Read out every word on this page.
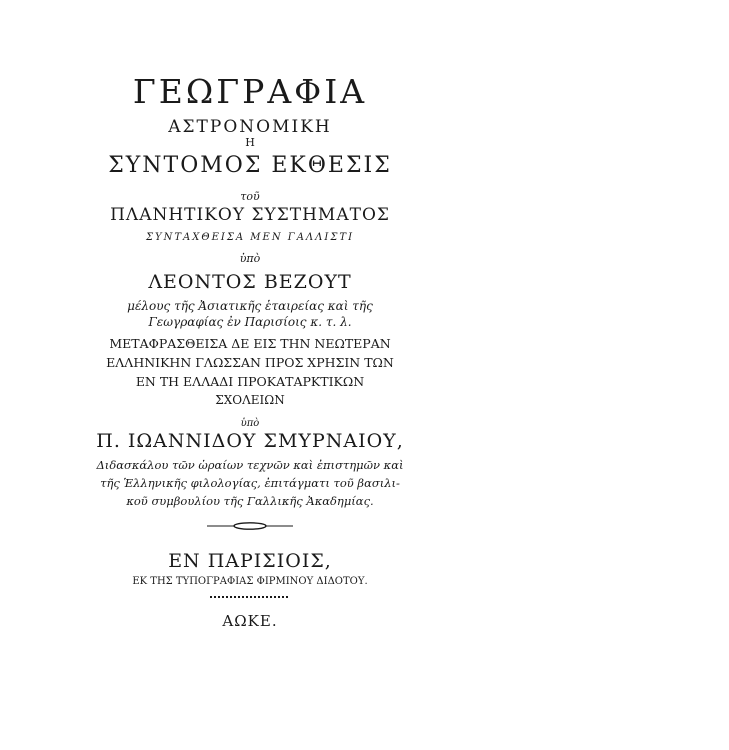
ΓΕΩΓΡΑΦΙΑ
ΑΣΤΡΟΝΟΜΙΚΗ
Η
ΣΥΝΤΟΜΟΣ ΕΚΘΕΣΙΣ
τοῦ
ΠΛΑΝΗΤΙΚΟΥ ΣΥΣΤΗΜΑΤΟΣ
ΣΥΝΤΑΧΘΕΙΣΑ ΜΕΝ ΓΑΛΛΙΣΤΙ
ὑπὸ
ΛΕΟΝΤΟΣ ΒΕΖΟΥΤ
μέλους τῆς Ἀσιατικῆς ἑταιρείας καὶ τῆς
Γεωγραφίας ἐν Παρισίοις κ. τ. λ.
ΜΕΤΑΦΡΑΣΘΕΙΣΑ ΔΕ ΕΙΣ ΤΗΝ ΝΕΩΤΕΡΑΝ
ΕΛΛΗΝΙΚΗΝ ΓΛΩΣΣΑΝ ΠΡΟΣ ΧΡΗΣΙΝ ΤΩΝ
ΕΝ ΤΗ ΕΛΛΑΔΙ ΠΡΟΚΑΤΑΡΚΤΙΚΩΝ
ΣΧΟΛΕΙΩΝ
ὑπὸ
Π. ΙΩΑΝΝΙΔΟΥ ΣΜΥΡΝΑΙΟΥ,
Διδασκάλου τῶν ὡραίων τεχνῶν καὶ ἐπιστημῶν καὶ
τῆς Ἑλληνικῆς φιλολογίας, ἐπιτάγματι τοῦ βασιλι-
κοῦ συμβουλίου τῆς Γαλλικῆς Ἀκαδημίας.
ΕΝ ΠΑΡΙΣΙΟΙΣ,
ΕΚ ΤΗΣ ΤΥΠΟΓΡΑΦΙΑΣ ΦΙΡΜΙΝΟΥ ΔΙΔΟΤΟΥ.
ΑΩΚΕ.
